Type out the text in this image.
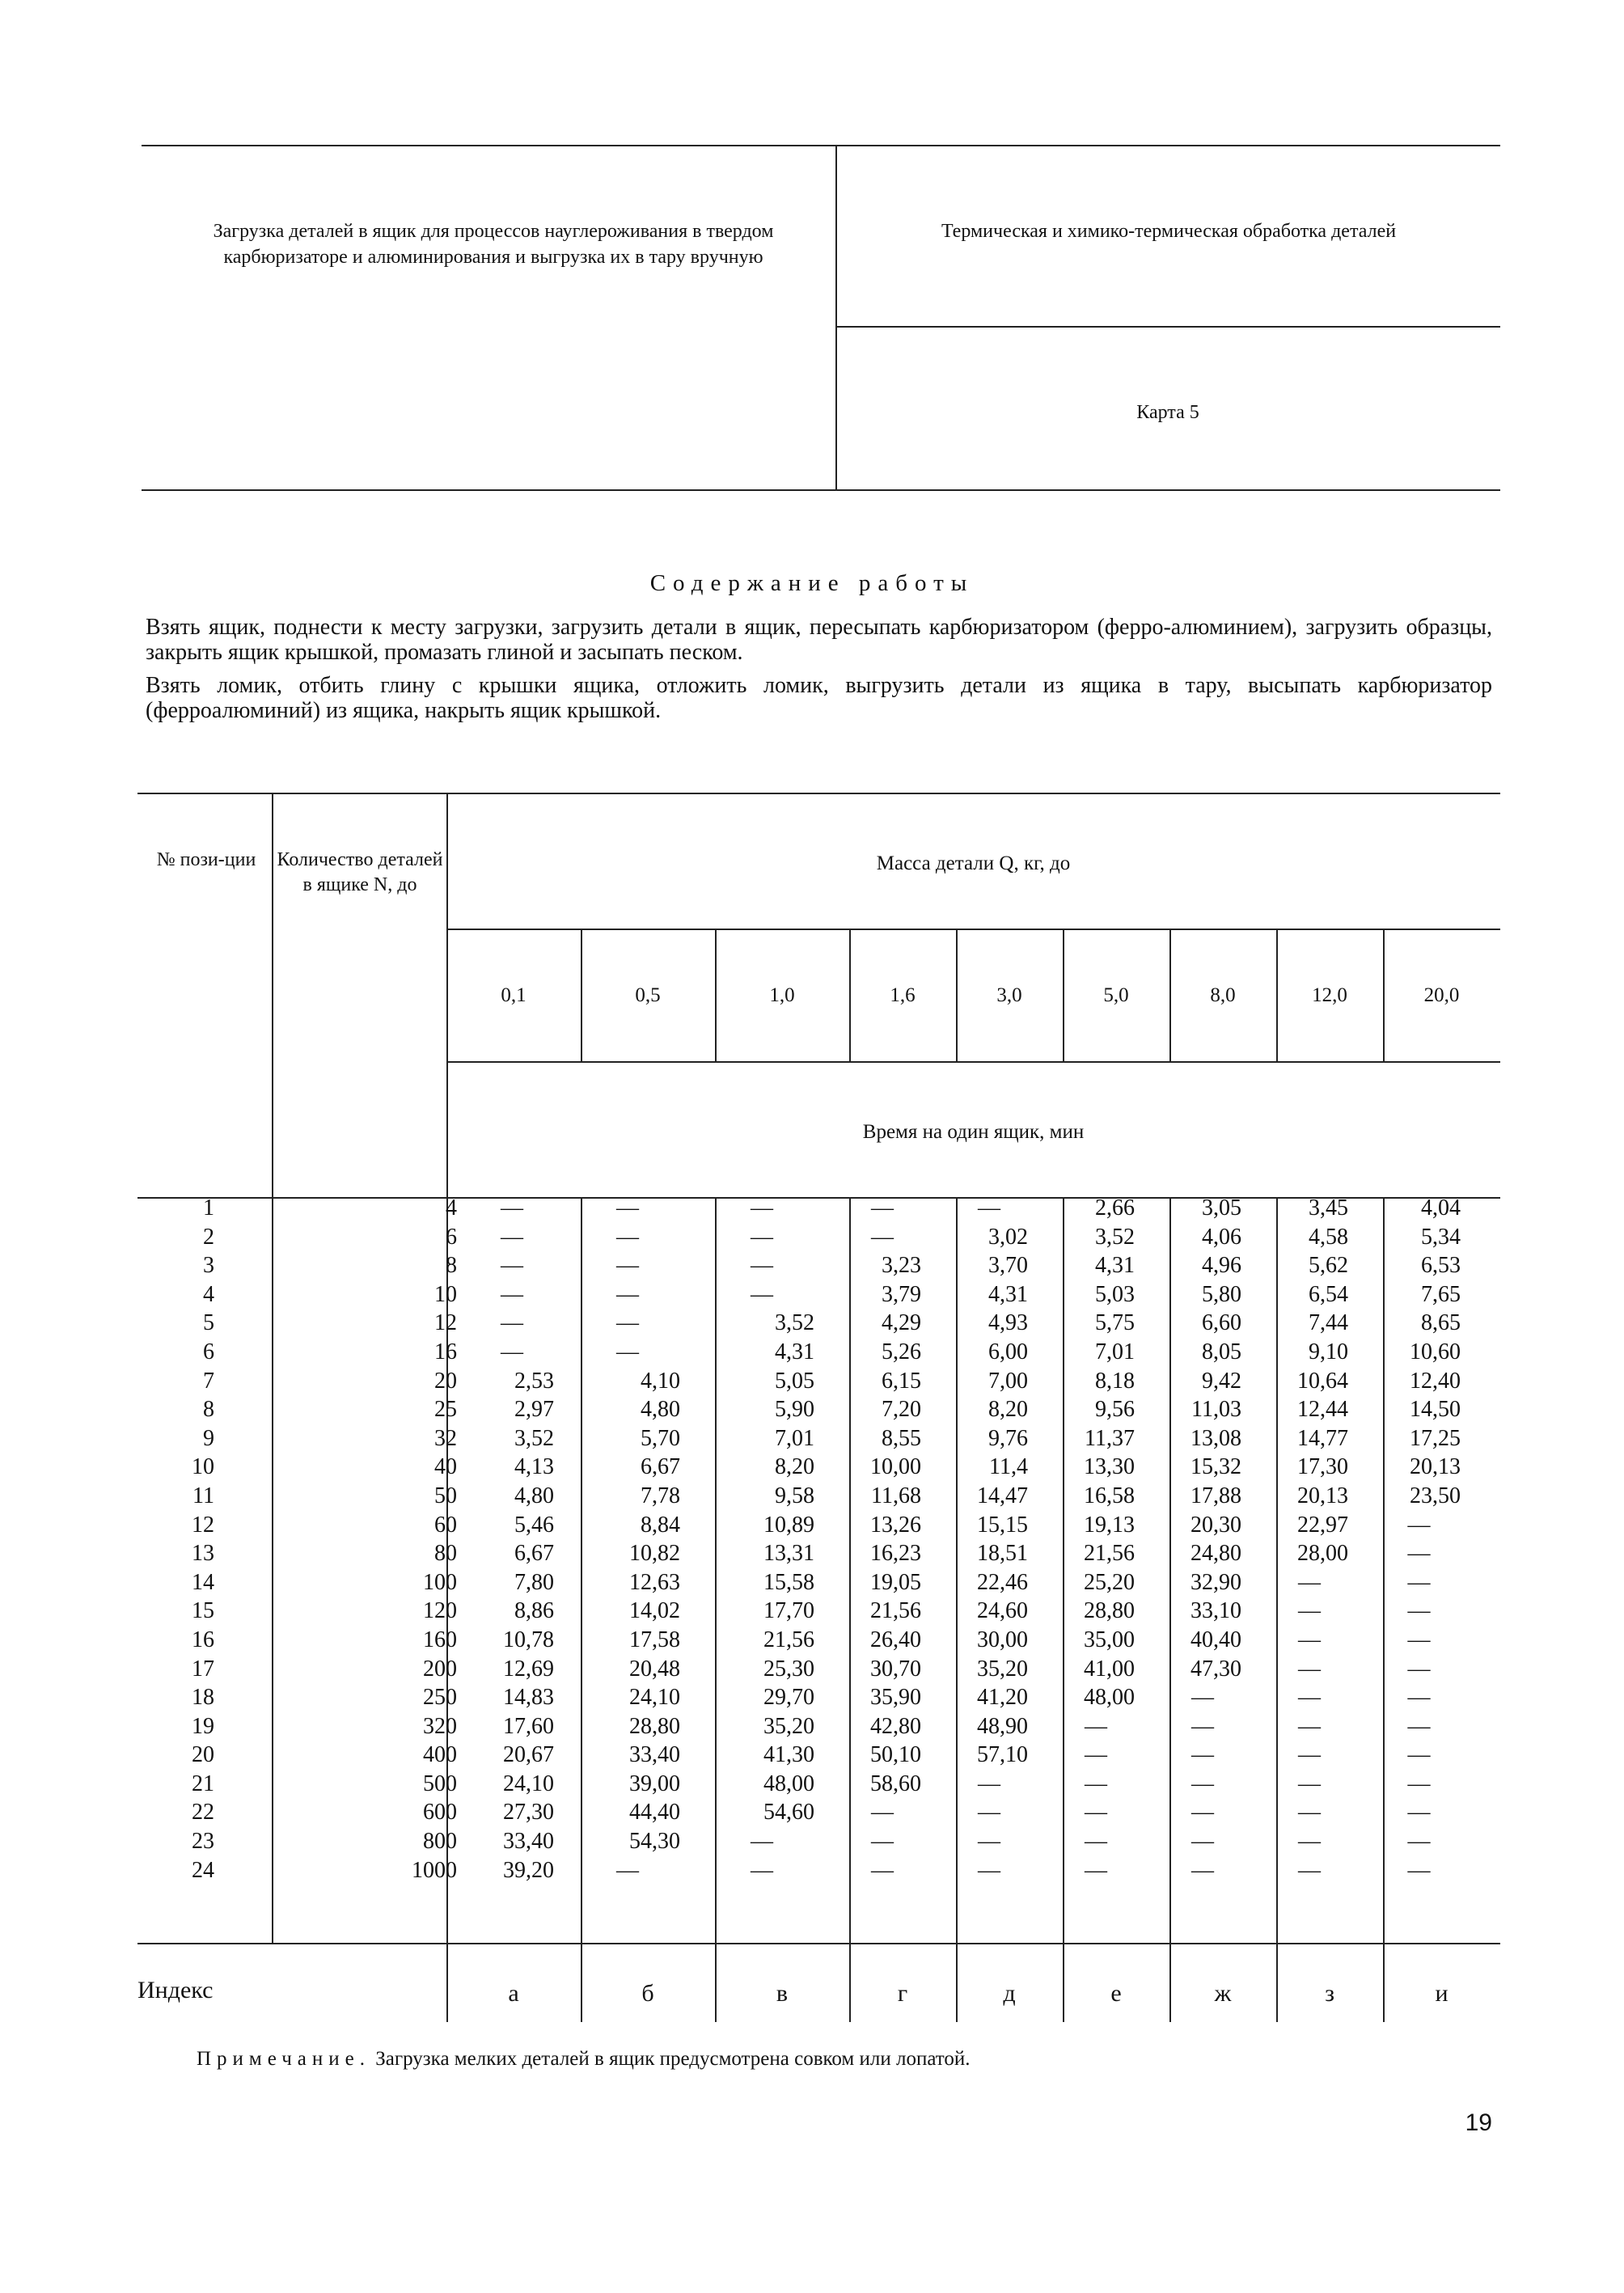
Загрузка деталей в ящик для процессов науглероживания в твердом карбюризаторе и алюминирования и выгрузка их в тару вручную
Термическая и химико-термическая обработка деталей
Карта 5
Содержание работы
Взять ящик, поднести к месту загрузки, загрузить детали в ящик, пересыпать карбюризатором (ферро-алюминием), загрузить образцы, закрыть ящик крышкой, промазать глиной и засыпать песком.
Взять ломик, отбить глину с крышки ящика, отложить ломик, выгрузить детали из ящика в тару, высыпать карбюризатор (ферроалюминий) из ящика, накрыть ящик крышкой.
№ пози-ции	Количество деталей в ящике N, до
Масса детали Q, кг, до
Время на один ящик, мин
0,1	0,5	1,0	1,6	3,0	5,0	8,0	12,0	20,0
1	4	—	—	—	—	—	2,66	3,05	3,45	4,04
2	6	—	—	—	—	3,02	3,52	4,06	4,58	5,34
3	8	—	—	—	3,23	3,70	4,31	4,96	5,62	6,53
4	10	—	—	—	3,79	4,31	5,03	5,80	6,54	7,65
5	12	—	—	3,52	4,29	4,93	5,75	6,60	7,44	8,65
6	16	—	—	4,31	5,26	6,00	7,01	8,05	9,10	10,60
7	20	2,53	4,10	5,05	6,15	7,00	8,18	9,42	10,64	12,40
8	25	2,97	4,80	5,90	7,20	8,20	9,56	11,03	12,44	14,50
9	32	3,52	5,70	7,01	8,55	9,76	11,37	13,08	14,77	17,25
10	40	4,13	6,67	8,20	10,00	11,4	13,30	15,32	17,30	20,13
11	50	4,80	7,78	9,58	11,68	14,47	16,58	17,88	20,13	23,50
12	60	5,46	8,84	10,89	13,26	15,15	19,13	20,30	22,97	—
13	80	6,67	10,82	13,31	16,23	18,51	21,56	24,80	28,00	—
14	100	7,80	12,63	15,58	19,05	22,46	25,20	32,90	—	—
15	120	8,86	14,02	17,70	21,56	24,60	28,80	33,10	—	—
16	160	10,78	17,58	21,56	26,40	30,00	35,00	40,40	—	—
17	200	12,69	20,48	25,30	30,70	35,20	41,00	47,30	—	—
18	250	14,83	24,10	29,70	35,90	41,20	48,00	—	—	—
19	320	17,60	28,80	35,20	42,80	48,90	—	—	—	—
20	400	20,67	33,40	41,30	50,10	57,10	—	—	—	—
21	500	24,10	39,00	48,00	58,60	—	—	—	—	—
22	600	27,30	44,40	54,60	—	—	—	—	—	—
23	800	33,40	54,30	—	—	—	—	—	—	—
24	1000	39,20	—	—	—	—	—	—	—	—
Индекс	а	б	в	г	д	е	ж	з	и
Примечание. Загрузка мелких деталей в ящик предусмотрена совком или лопатой.
19
